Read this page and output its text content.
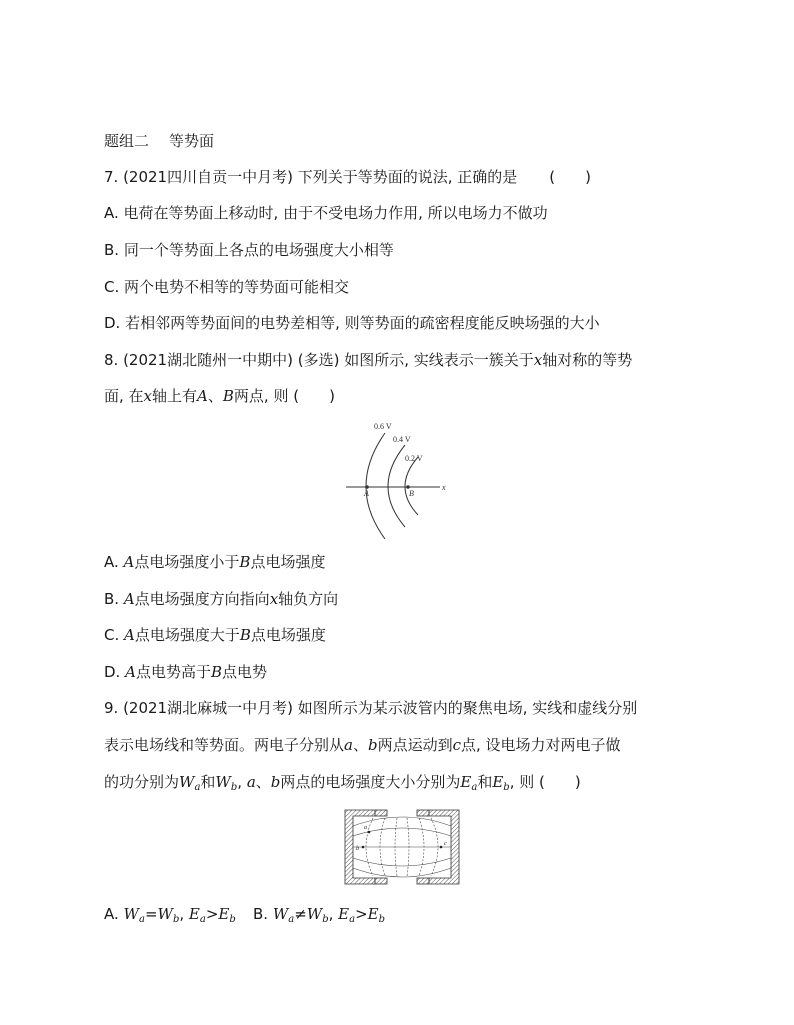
题组二 等势面
7. (2021四川自贡一中月考) 下列关于等势面的说法, 正确的是 (　　)
A. 电荷在等势面上移动时, 由于不受电场力作用, 所以电场力不做功
B. 同一个等势面上各点的电场强度大小相等
C. 两个电势不相等的等势面可能相交
D. 若相邻两等势面间的电势差相等, 则等势面的疏密程度能反映场强的大小
8. (2021湖北随州一中期中) (多选) 如图所示, 实线表示一簇关于x轴对称的等势
面, 在x轴上有A、B两点, 则 (　　)
0.6 V
0.4 V
0.2 V
A	B
x
A. A点电场强度小于B点电场强度
B. A点电场强度方向指向x轴负方向
C. A点电场强度大于B点电场强度
D. A点电势高于B点电势
9. (2021湖北麻城一中月考) 如图所示为某示波管内的聚焦电场, 实线和虚线分别
表示电场线和等势面。两电子分别从a、b两点运动到c点, 设电场力对两电子做
的功分别为$W_a$和$W_b$, a、b两点的电场强度大小分别为$E_a$和$E_b$, 则 (　　)
a
b
c
A. $W_a=W_b$, $E_a>E_b$ B. $W_a\ne W_b$, $E_a>E_b$
